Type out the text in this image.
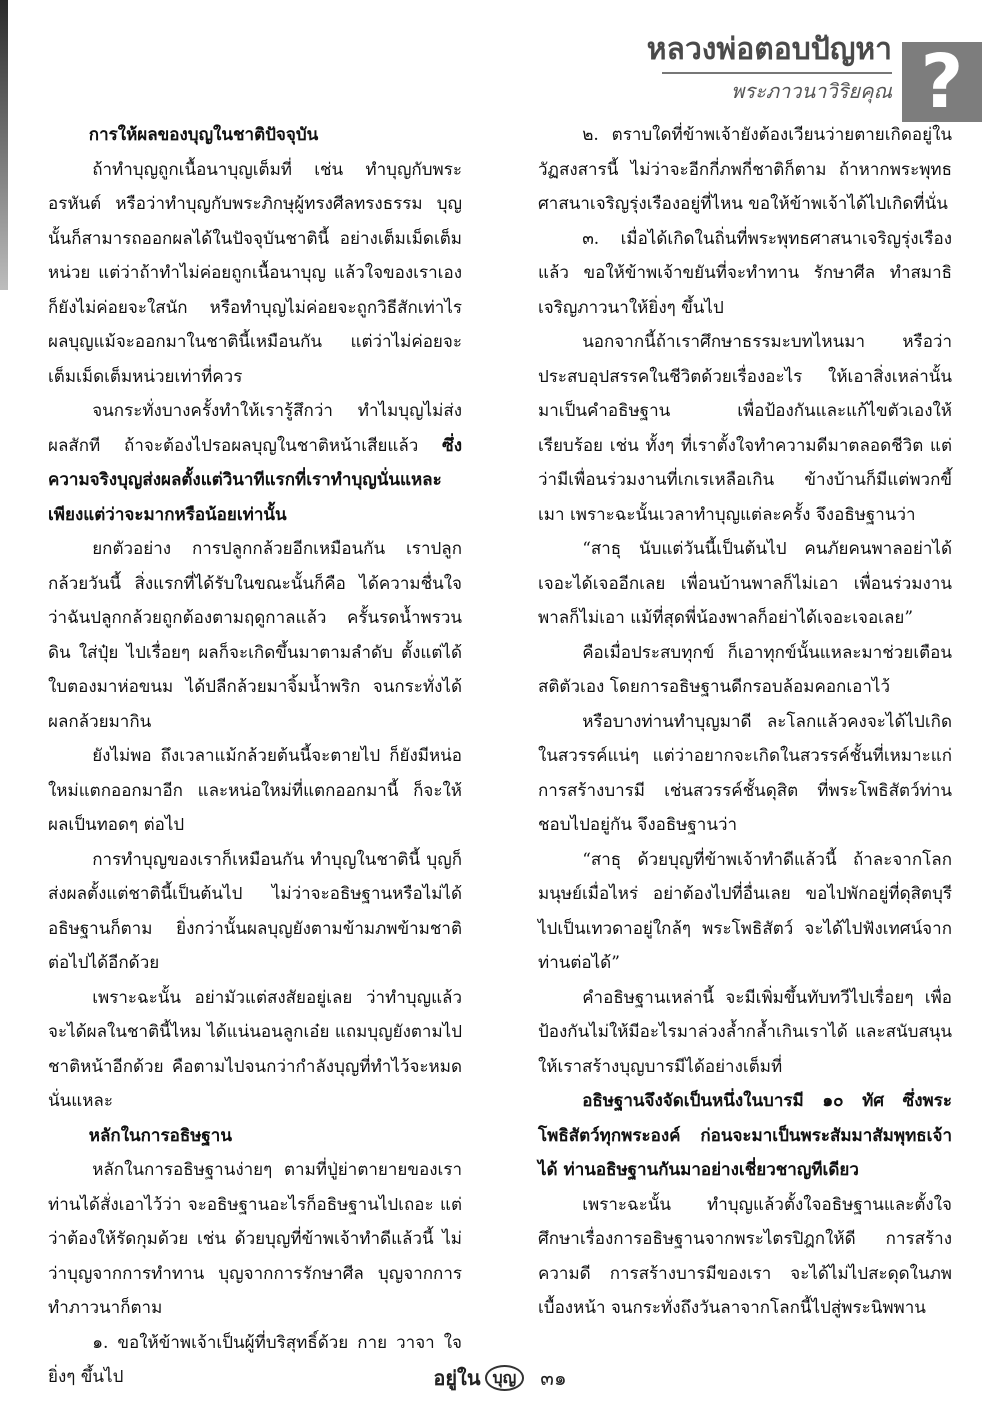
หลวงพ่อตอบปัญหา
พระภาวนาวิริยคุณ ?

การให้ผลของบุญในชาติปัจจุบัน

ถ้าทำบุญถูกเนื้อนาบุญเต็มที่ เช่น ทำบุญกับพระอรหันต์ หรือว่าทำบุญกับพระภิกษุผู้ทรงศีลทรงธรรม บุญนั้นก็สามารถออกผลได้ในปัจจุบันชาตินี้ อย่างเต็มเม็ดเต็มหน่วย แต่ว่าถ้าทำไม่ค่อยถูกเนื้อนาบุญ แล้วใจของเราเองก็ยังไม่ค่อยจะใสนัก หรือทำบุญไม่ค่อยจะถูกวิธีสักเท่าไร ผลบุญแม้จะออกมาในชาตินี้เหมือนกัน แต่ว่าไม่ค่อยจะเต็มเม็ดเต็มหน่วยเท่าที่ควร

จนกระทั่งบางครั้งทำให้เรารู้สึกว่า ทำไมบุญไม่ส่งผลสักที ถ้าจะต้องไปรอผลบุญในชาติหน้าเสียแล้ว ซึ่งความจริงบุญส่งผลตั้งแต่วินาทีแรกที่เราทำบุญนั่นแหละ เพียงแต่ว่าจะมากหรือน้อยเท่านั้น

ยกตัวอย่าง การปลูกกล้วยอีกเหมือนกัน เราปลูกกล้วยวันนี้ สิ่งแรกที่ได้รับในขณะนั้นก็คือ ได้ความชื่นใจว่าฉันปลูกกล้วยถูกต้องตามฤดูกาลแล้ว ครั้นรดน้ำพรวนดิน ใส่ปุ๋ย ไปเรื่อยๆ ผลก็จะเกิดขึ้นมาตามลำดับ ตั้งแต่ได้ใบตองมาห่อขนม ได้ปลีกล้วยมาจิ้มน้ำพริก จนกระทั่งได้ผลกล้วยมากิน

ยังไม่พอ ถึงเวลาแม้กล้วยต้นนี้จะตายไป ก็ยังมีหน่อใหม่แตกออกมาอีก และหน่อใหม่ที่แตกออกมานี้ ก็จะให้ผลเป็นทอดๆ ต่อไป

การทำบุญของเราก็เหมือนกัน ทำบุญในชาตินี้ บุญก็ส่งผลตั้งแต่ชาตินี้เป็นต้นไป ไม่ว่าจะอธิษฐานหรือไม่ได้อธิษฐานก็ตาม ยิ่งกว่านั้นผลบุญยังตามข้ามภพข้ามชาติต่อไปได้อีกด้วย

เพราะฉะนั้น อย่ามัวแต่สงสัยอยู่เลย ว่าทำบุญแล้วจะได้ผลในชาตินี้ไหม ได้แน่นอนลูกเอ๋ย แถมบุญยังตามไปชาติหน้าอีกด้วย คือตามไปจนกว่ากำลังบุญที่ทำไว้จะหมดนั่นแหละ

หลักในการอธิษฐาน

หลักในการอธิษฐานง่ายๆ ตามที่ปู่ย่าตายายของเราท่านได้สั่งเอาไว้ว่า จะอธิษฐานอะไรก็อธิษฐานไปเถอะ แต่ว่าต้องให้รัดกุมด้วย เช่น ด้วยบุญที่ข้าพเจ้าทำดีแล้วนี้ ไม่ว่าบุญจากการทำทาน บุญจากการรักษาศีล บุญจากการทำภาวนาก็ตาม

๑. ขอให้ข้าพเจ้าเป็นผู้ที่บริสุทธิ์ด้วย กาย วาจา ใจ ยิ่งๆ ขึ้นไป

๒. ตราบใดที่ข้าพเจ้ายังต้องเวียนว่ายตายเกิดอยู่ในวัฏสงสารนี้ ไม่ว่าจะอีกกี่ภพกี่ชาติก็ตาม ถ้าหากพระพุทธศาสนาเจริญรุ่งเรืองอยู่ที่ไหน ขอให้ข้าพเจ้าได้ไปเกิดที่นั่น

๓. เมื่อได้เกิดในถิ่นที่พระพุทธศาสนาเจริญรุ่งเรืองแล้ว ขอให้ข้าพเจ้าขยันที่จะทำทาน รักษาศีล ทำสมาธิเจริญภาวนาให้ยิ่งๆ ขึ้นไป

นอกจากนี้ถ้าเราศึกษาธรรมะบทไหนมา หรือว่าประสบอุปสรรคในชีวิตด้วยเรื่องอะไร ให้เอาสิ่งเหล่านั้นมาเป็นคำอธิษฐาน เพื่อป้องกันและแก้ไขตัวเองให้เรียบร้อย เช่น ทั้งๆ ที่เราตั้งใจทำความดีมาตลอดชีวิต แต่ว่ามีเพื่อนร่วมงานที่เกเรเหลือเกิน ข้างบ้านก็มีแต่พวกขี้เมา เพราะฉะนั้นเวลาทำบุญแต่ละครั้ง จึงอธิษฐานว่า

“สาธุ นับแต่วันนี้เป็นต้นไป คนภัยคนพาลอย่าได้เจอะได้เจออีกเลย เพื่อนบ้านพาลก็ไม่เอา เพื่อนร่วมงานพาลก็ไม่เอา แม้ที่สุดพี่น้องพาลก็อย่าได้เจอะเจอเลย”

คือเมื่อประสบทุกข์ ก็เอาทุกข์นั้นแหละมาช่วยเตือนสติตัวเอง โดยการอธิษฐานดีกรอบล้อมคอกเอาไว้

หรือบางท่านทำบุญมาดี ละโลกแล้วคงจะได้ไปเกิดในสวรรค์แน่ๆ แต่ว่าอยากจะเกิดในสวรรค์ชั้นที่เหมาะแก่การสร้างบารมี เช่นสวรรค์ชั้นดุสิต ที่พระโพธิสัตว์ท่านชอบไปอยู่กัน จึงอธิษฐานว่า

“สาธุ ด้วยบุญที่ข้าพเจ้าทำดีแล้วนี้ ถ้าละจากโลกมนุษย์เมื่อไหร่ อย่าต้องไปที่อื่นเลย ขอไปพักอยู่ที่ดุสิตบุรี ไปเป็นเทวดาอยู่ใกล้ๆ พระโพธิสัตว์ จะได้ไปฟังเทศน์จากท่านต่อได้”

คำอธิษฐานเหล่านี้ จะมีเพิ่มขึ้นทับทวีไปเรื่อยๆ เพื่อป้องกันไม่ให้มีอะไรมาล่วงล้ำกล้ำเกินเราได้ และสนับสนุนให้เราสร้างบุญบารมีได้อย่างเต็มที่

อธิษฐานจึงจัดเป็นหนึ่งในบารมี ๑๐ ทัศ ซึ่งพระโพธิสัตว์ทุกพระองค์ ก่อนจะมาเป็นพระสัมมาสัมพุทธเจ้าได้ ท่านอธิษฐานกันมาอย่างเชี่ยวชาญทีเดียว

เพราะฉะนั้น ทำบุญแล้วตั้งใจอธิษฐานและตั้งใจศึกษาเรื่องการอธิษฐานจากพระไตรปิฎกให้ดี การสร้างความดี การสร้างบารมีของเรา จะได้ไม่ไปสะดุดในภพเบื้องหน้า จนกระทั่งถึงวันลาจากโลกนี้ไปสู่พระนิพพาน

อยู่ใน บุญ	๓๑
